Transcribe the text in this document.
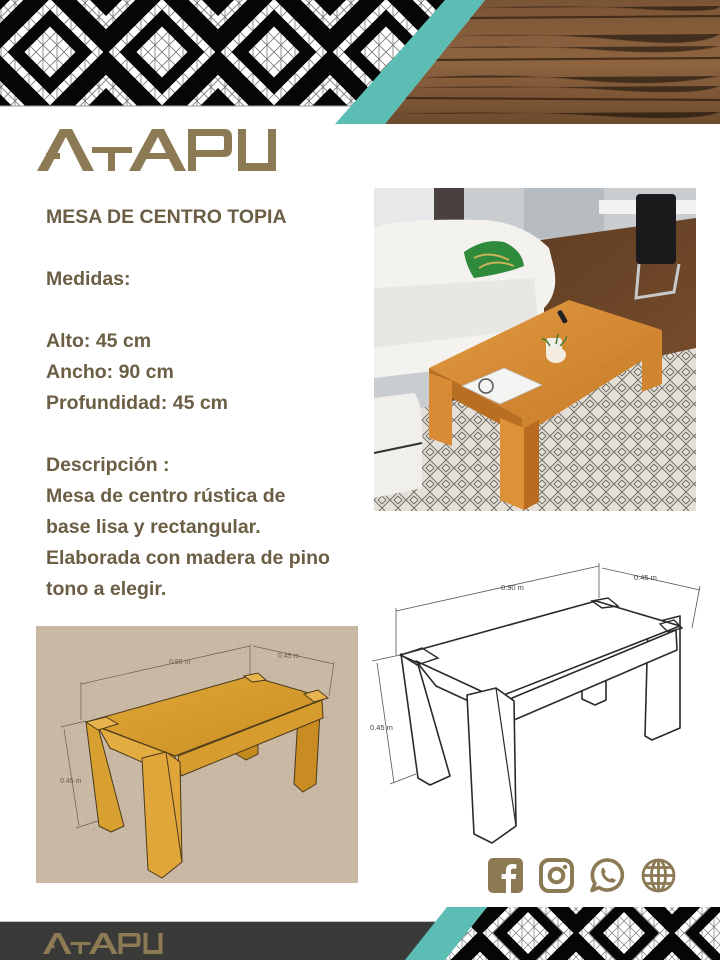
MESA DE CENTRO TOPIA
Medidas:
Alto: 45 cm
Ancho: 90 cm
Profundidad: 45 cm
Descripción :
Mesa de centro rústica de
base lisa y rectangular.
Elaborada con madera de pino
tono a elegir.	0.90 m
0.45 m
0.45 m
0.90 m
0.45 m
0.45 m
